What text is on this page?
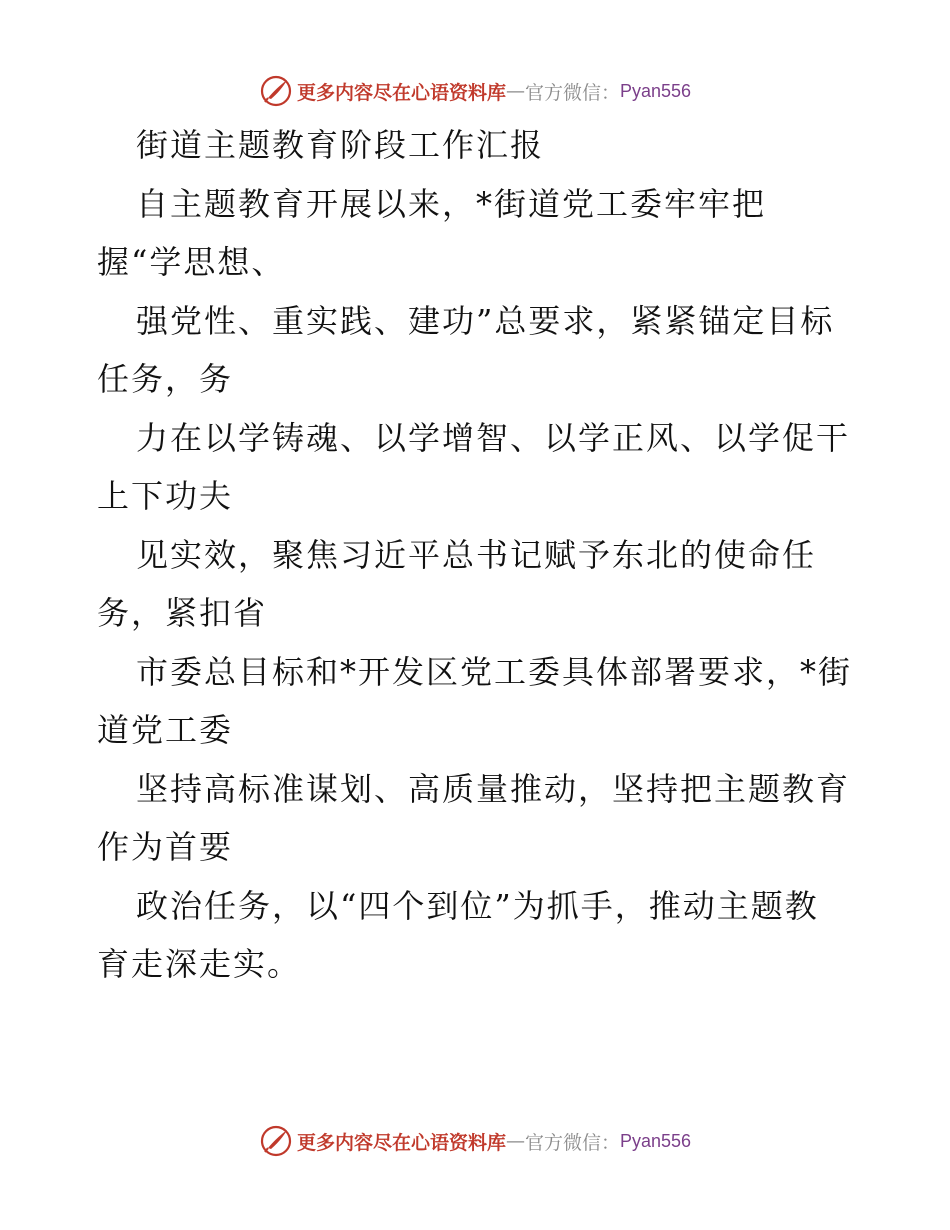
更多内容尽在心语资料库 — 官方微信： Pyan556
街道主题教育阶段工作汇报
自主题教育开展以来，*街道党工委牢牢把
握“学思想、
强党性、重实践、建功”总要求，紧紧锚定目标
任务，务
力在以学铸魂、以学增智、以学正风、以学促干
上下功夫
见实效，聚焦习近平总书记赋予东北的使命任
务，紧扣省
市委总目标和*开发区党工委具体部署要求，*街
道党工委
坚持高标准谋划、高质量推动，坚持把主题教育
作为首要
政治任务，以“四个到位”为抓手，推动主题教
育走深走实。
更多内容尽在心语资料库 — 官方微信： Pyan556
